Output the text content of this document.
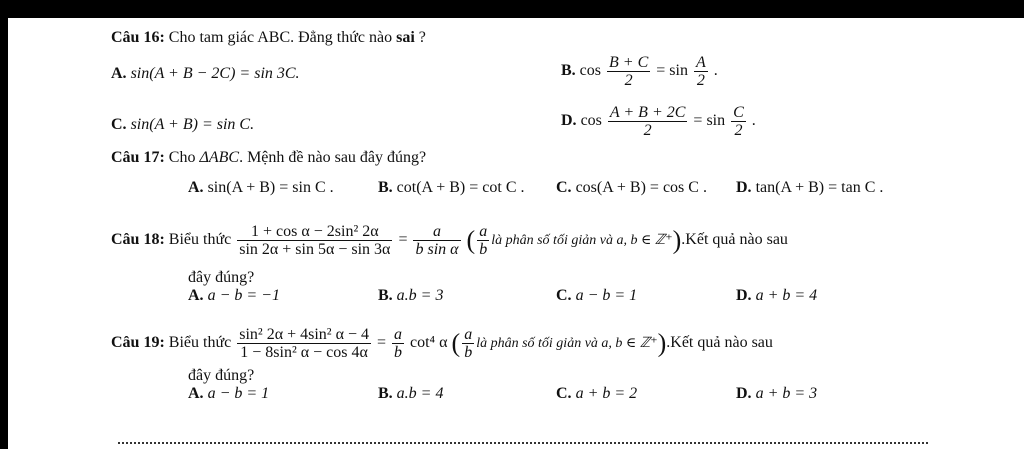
Câu 16: Cho tam giác ABC. Đẳng thức nào sai ?
A. sin(A + B − 2C) = sin 3C.	B. $\cos \frac{B + C}{2} = \sin \frac{A}{2}$ .
C. sin(A + B) = sin C.	D. $\cos \frac{A + B + 2C}{2} = \sin \frac{C}{2}$ .
Câu 17: Cho ΔABC. Mệnh đề nào sau đây đúng?
A. sin(A + B) = sin C .	B. cot(A + B) = cot C . C. cos(A + B) = cos C . D. tan(A + B) = tan C .
Câu 18: Biểu thức $\frac{\text{1 + cos α − 2sin² 2α}}{\sin 2\alpha + \sin 5\alpha - \sin 3\alpha} = \frac{a}{\text{b sin α}}$ ( $\frac{a}{b}$ là phân số tối giản và a, b ∈ ℤ⁺).Kết quả nào sau
đây đúng?
A. a − b = −1	B. a.b = 3	C. a − b = 1	D. a + b = 4
Câu 19: Biểu thức $\frac{\text{sin² 2α + 4sin² α − 4}}{\text{1 − 8sin² α − cos 4α}} = \frac{a}{b} \cot^4$ α ( $\frac{a}{b}$ là phân số tối giản và a, b ∈ ℤ⁺).Kết quả nào sau
đây đúng?
A. a − b = 1	B. a.b = 4	C. a + b = 2	D. a + b = 3
